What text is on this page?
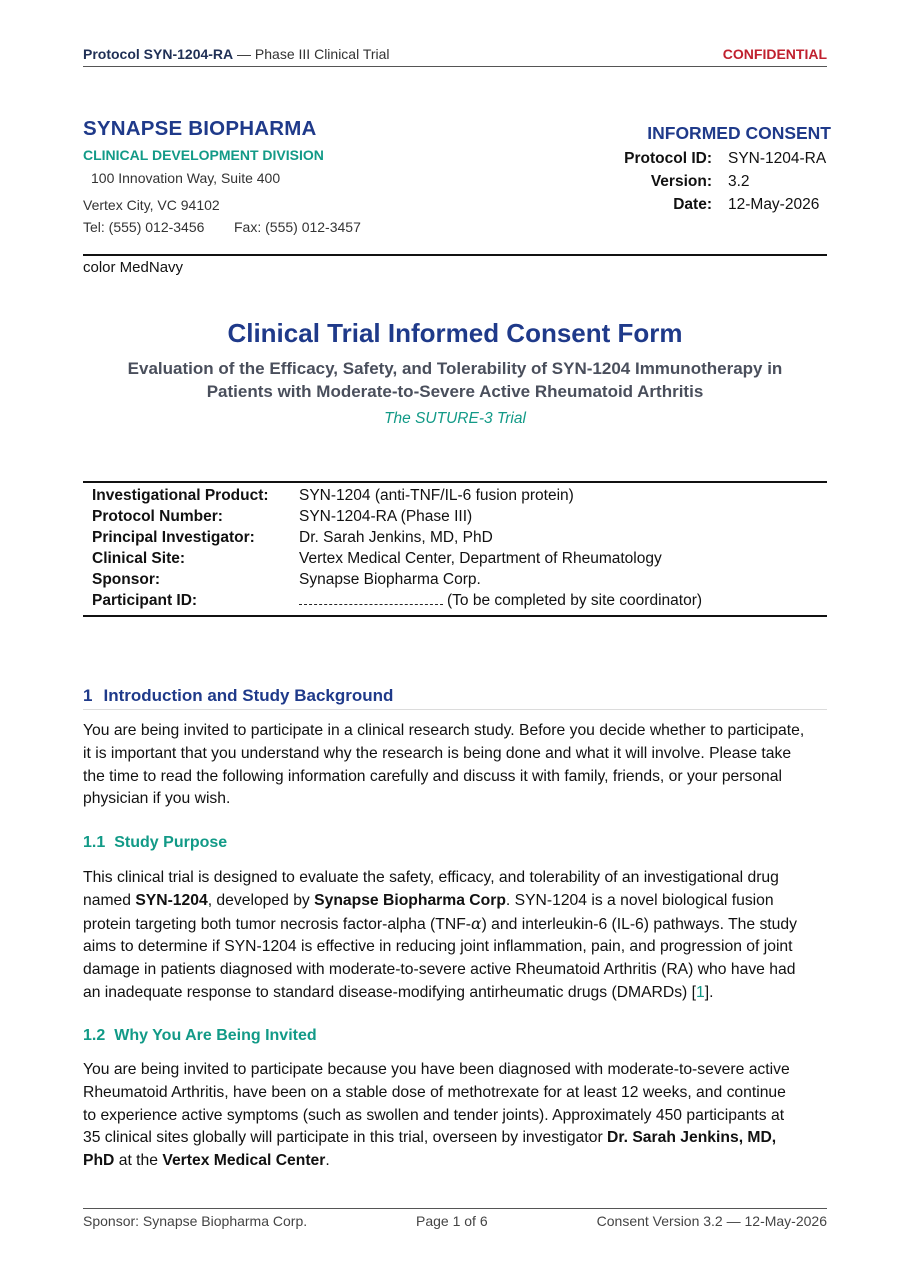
Protocol SYN-1204-RA — Phase III Clinical Trial	CONFIDENTIAL
SYNAPSE BIOPHARMA
CLINICAL DEVELOPMENT DIVISION
100 Innovation Way, Suite 400
Vertex City, VC 94102
Tel: (555) 012-3456 Fax: (555) 012-3457
INFORMED CONSENT
Protocol ID: SYN-1204-RA
Version: 3.2
Date: 12-May-2026
color MedNavy
Clinical Trial Informed Consent Form
Evaluation of the Efficacy, Safety, and Tolerability of SYN-1204 Immunotherapy in
Patients with Moderate-to-Severe Active Rheumatoid Arthritis
The SUTURE-3 Trial
Investigational Product: SYN-1204 (anti-TNF/IL-6 fusion protein)
Protocol Number:	SYN-1204-RA (Phase III)
Principal Investigator:	Dr. Sarah Jenkins, MD, PhD
Clinical Site:	Vertex Medical Center, Department of Rheumatology
Sponsor:	Synapse Biopharma Corp.
Participant ID:	(To be completed by site coordinator)
1 Introduction and Study Background
You are being invited to participate in a clinical research study. Before you decide whether to participate,
it is important that you understand why the research is being done and what it will involve. Please take
the time to read the following information carefully and discuss it with family, friends, or your personal
physician if you wish.
1.1 Study Purpose
This clinical trial is designed to evaluate the safety, efficacy, and tolerability of an investigational drug
named SYN-1204, developed by Synapse Biopharma Corp. SYN-1204 is a novel biological fusion
protein targeting both tumor necrosis factor-alpha (TNF-α) and interleukin-6 (IL-6) pathways. The study
aims to determine if SYN-1204 is effective in reducing joint inflammation, pain, and progression of joint
damage in patients diagnosed with moderate-to-severe active Rheumatoid Arthritis (RA) who have had
an inadequate response to standard disease-modifying antirheumatic drugs (DMARDs) [1].
1.2 Why You Are Being Invited
You are being invited to participate because you have been diagnosed with moderate-to-severe active
Rheumatoid Arthritis, have been on a stable dose of methotrexate for at least 12 weeks, and continue
to experience active symptoms (such as swollen and tender joints). Approximately 450 participants at
35 clinical sites globally will participate in this trial, overseen by investigator Dr. Sarah Jenkins, MD,
PhD at the Vertex Medical Center.
Sponsor: Synapse Biopharma Corp.	Page 1 of 6	Consent Version 3.2 — 12-May-2026
